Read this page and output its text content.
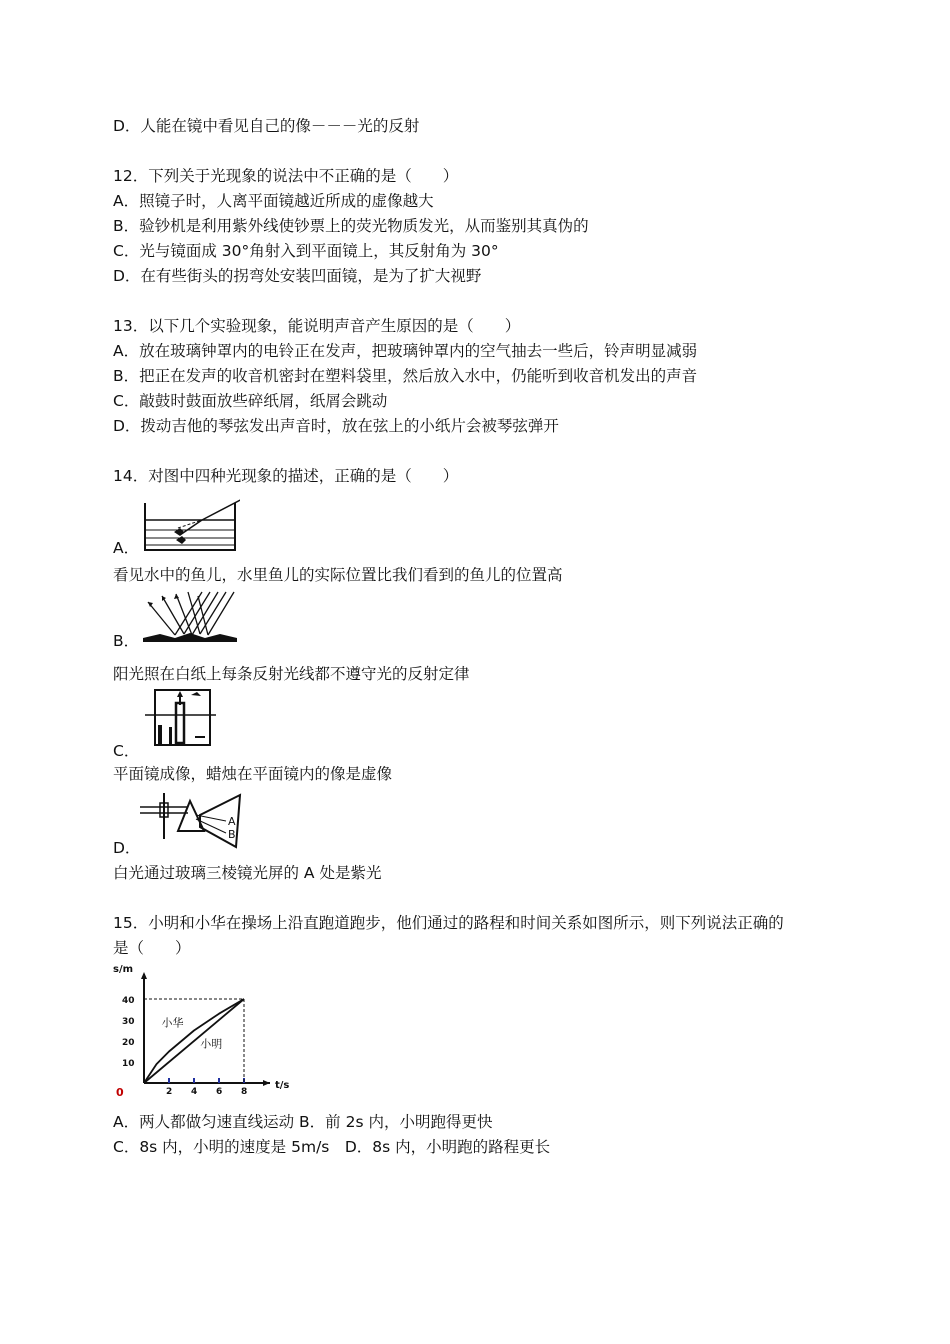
D．人能在镜中看见自己的像－－－光的反射
12．下列关于光现象的说法中不正确的是（　　）
A．照镜子时，人离平面镜越近所成的虚像越大
B．验钞机是利用紫外线使钞票上的荧光物质发光，从而鉴别其真伪的
C．光与镜面成 30°角射入到平面镜上，其反射角为 30°
D．在有些街头的拐弯处安装凹面镜，是为了扩大视野
13．以下几个实验现象，能说明声音产生原因的是（　　）
A．放在玻璃钟罩内的电铃正在发声，把玻璃钟罩内的空气抽去一些后，铃声明显减弱
B．把正在发声的收音机密封在塑料袋里，然后放入水中，仍能听到收音机发出的声音
C．敲鼓时鼓面放些碎纸屑，纸屑会跳动
D．拨动吉他的琴弦发出声音时，放在弦上的小纸片会被琴弦弹开
14．对图中四种光现象的描述，正确的是（　　）
A．
看见水中的鱼儿，水里鱼儿的实际位置比我们看到的鱼儿的位置高
B．
阳光照在白纸上每条反射光线都不遵守光的反射定律
C．
平面镜成像，蜡烛在平面镜内的像是虚像
A
B
D．
白光通过玻璃三棱镜光屏的 A 处是紫光
15．小明和小华在操场上沿直跑道跑步，他们通过的路程和时间关系如图所示，则下列说法正确的
是（　　）
s/m
t/s
0	2 4 6 8
10
20
30
40
小华
小明
A．两人都做匀速直线运动 B．前 2s 内，小明跑得更快
C．8s 内，小明的速度是 5m/s　D．8s 内，小明跑的路程更长
